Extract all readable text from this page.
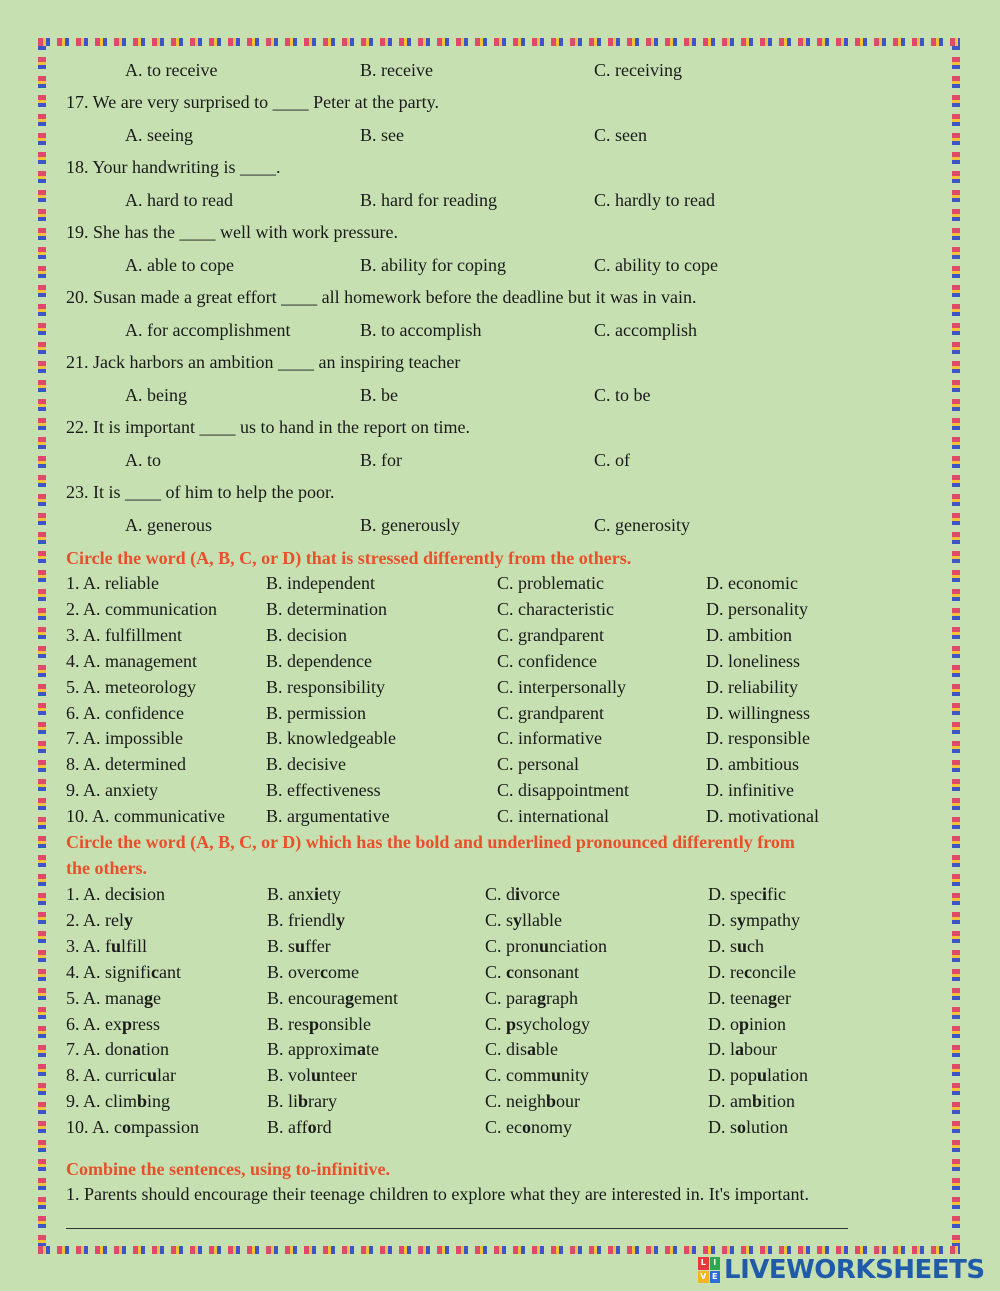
Circle the word (A, B, C, or D) that is stressed differently from the others.
Circle the word (A, B, C, or D) which has the bold and underlined pronounced differently from
the others.
Combine the sentences, using to-infinitive.
1. Parents should encourage their teenage children to explore what they are interested in. It's important.
A. to receive	B. receive	C. receiving
17. We are very surprised to ____ Peter at the party.
A. seeing	B. see	C. seen
18. Your handwriting is ____.
A. hard to read	B. hard for reading	C. hardly to read
19. She has the ____ well with work pressure.
A. able to cope	B. ability for coping	C. ability to cope
20. Susan made a great effort ____ all homework before the deadline but it was in vain.
A. for accomplishment	B. to accomplish	C. accomplish
21. Jack harbors an ambition ____ an inspiring teacher
A. being	B. be	C. to be
22. It is important ____ us to hand in the report on time.
A. to	B. for	C. of
23. It is ____ of him to help the poor.
A. generous	B. generously	C. generosity
1. A. reliable	B. independent	C. problematic	D. economic
2. A. communication	B. determination	C. characteristic	D. personality
3. A. fulfillment	B. decision	C. grandparent	D. ambition
4. A. management	B. dependence	C. confidence	D. loneliness
5. A. meteorology	B. responsibility	C. interpersonally	D. reliability
6. A. confidence	B. permission	C. grandparent	D. willingness
7. A. impossible	B. knowledgeable	C. informative	D. responsible
8. A. determined	B. decisive	C. personal	D. ambitious
9. A. anxiety	B. effectiveness	C. disappointment	D. infinitive
10. A. communicative B. argumentative	C. international	D. motivational
1. A. decision	B. anxiety	C. divorce	D. specific
2. A. rely	B. friendly	C. syllable	D. sympathy
3. A. fulfill	B. suffer	C. pronunciation	D. such
4. A. significant	B. overcome	C. consonant	D. reconcile
5. A. manage	B. encouragement	C. paragraph	D. teenager
6. A. express	B. responsible	C. psychology	D. opinion
7. A. donation	B. approximate	C. disable	D. labour
8. A. curricular	B. volunteer	C. community	D. population
9. A. climbing	B. library	C. neighbour	D. ambition
10. A. compassion	B. afford	C. economy	D. solution
L I
V E LIVEWORKSHEETS
